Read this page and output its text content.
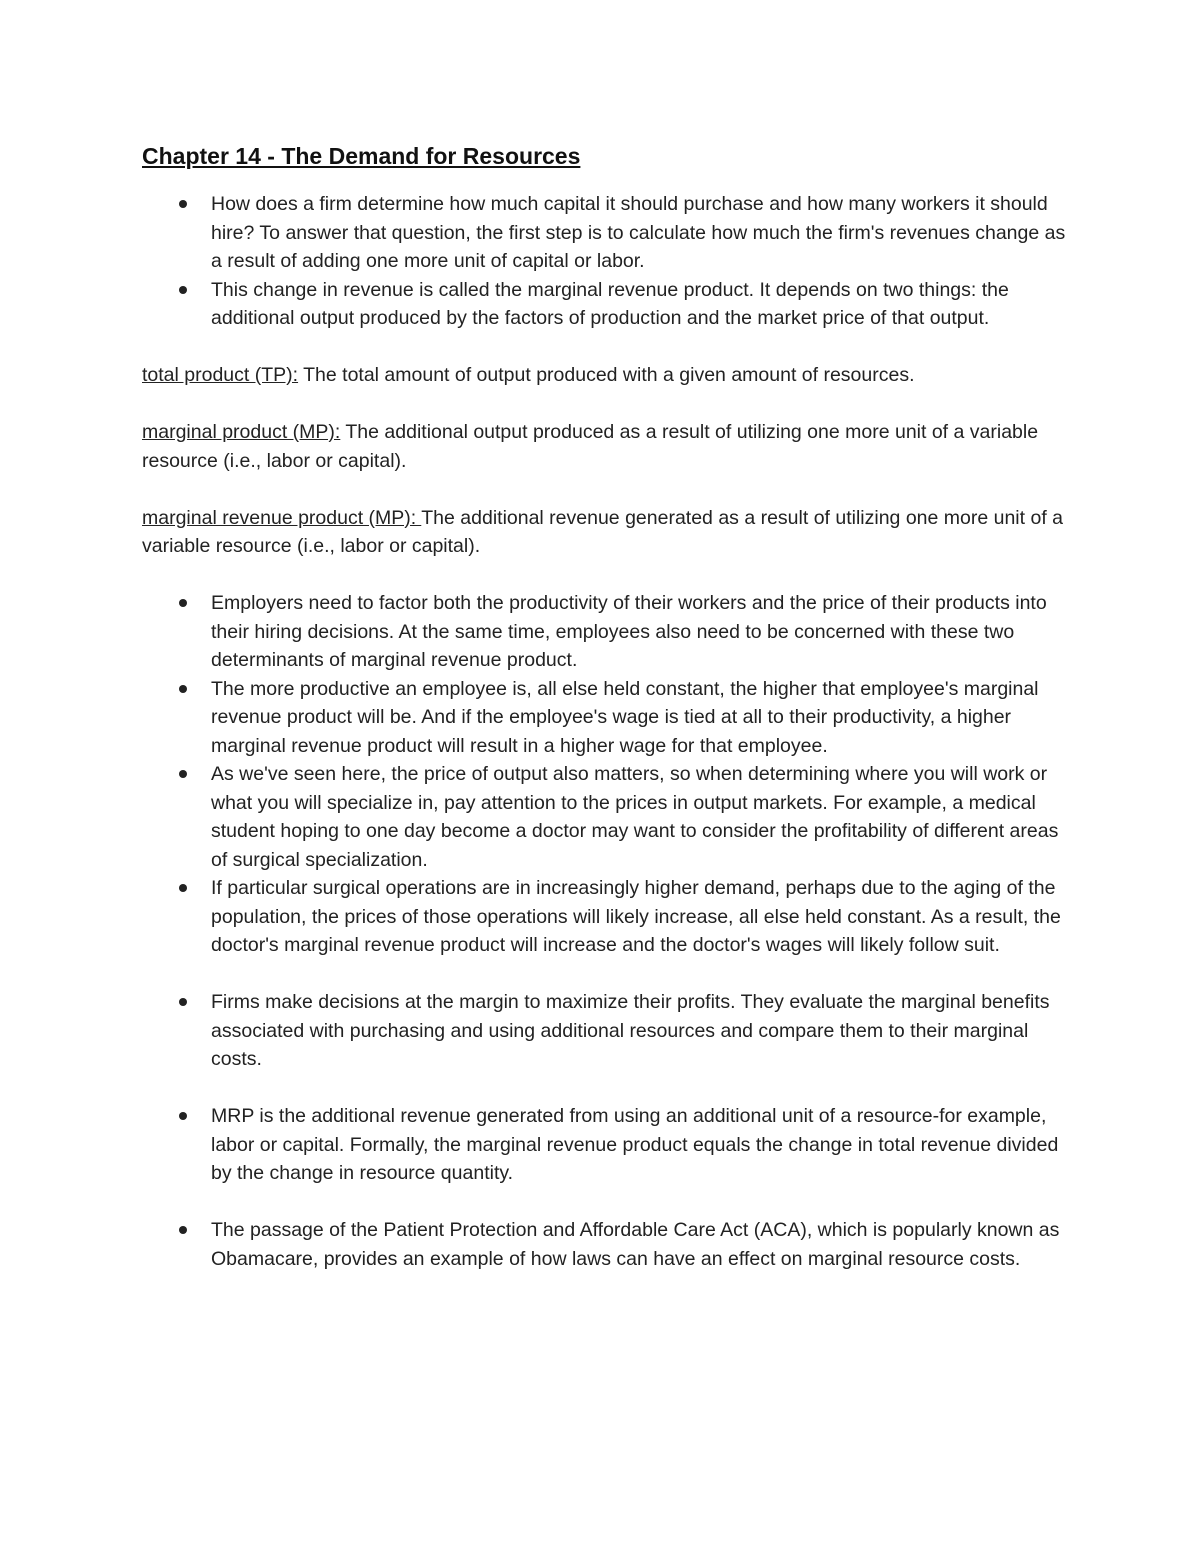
Chapter 14 - The Demand for Resources
How does a firm determine how much capital it should purchase and how many workers it should hire? To answer that question, the first step is to calculate how much the firm's revenues change as a result of adding one more unit of capital or labor.
This change in revenue is called the marginal revenue product. It depends on two things: the additional output produced by the factors of production and the market price of that output.

total product (TP): The total amount of output produced with a given amount of resources.

marginal product (MP): The additional output produced as a result of utilizing one more unit of a variable resource (i.e., labor or capital).

marginal revenue product (MP): The additional revenue generated as a result of utilizing one more unit of a variable resource (i.e., labor or capital).

Employers need to factor both the productivity of their workers and the price of their products into their hiring decisions. At the same time, employees also need to be concerned with these two determinants of marginal revenue product.
The more productive an employee is, all else held constant, the higher that employee's marginal revenue product will be. And if the employee's wage is tied at all to their productivity, a higher marginal revenue product will result in a higher wage for that employee.
As we've seen here, the price of output also matters, so when determining where you will work or what you will specialize in, pay attention to the prices in output markets. For example, a medical student hoping to one day become a doctor may want to consider the profitability of different areas of surgical specialization.
If particular surgical operations are in increasingly higher demand, perhaps due to the aging of the population, the prices of those operations will likely increase, all else held constant. As a result, the doctor's marginal revenue product will increase and the doctor's wages will likely follow suit.
Firms make decisions at the margin to maximize their profits. They evaluate the marginal benefits associated with purchasing and using additional resources and compare them to their marginal costs.
MRP is the additional revenue generated from using an additional unit of a resource-for example, labor or capital. Formally, the marginal revenue product equals the change in total revenue divided by the change in resource quantity.
The passage of the Patient Protection and Affordable Care Act (ACA), which is popularly known as Obamacare, provides an example of how laws can have an effect on marginal resource costs.
